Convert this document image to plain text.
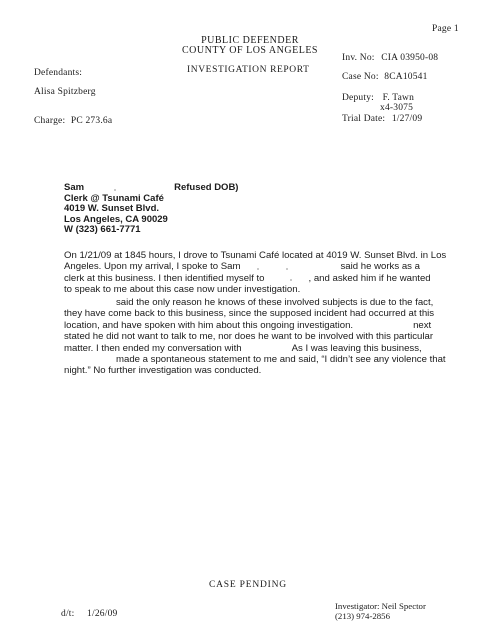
Page 1
PUBLIC DEFENDER
COUNTY OF LOS ANGELES
INVESTIGATION REPORT
Defendants:
Alisa Spitzberg
Charge: PC 273.6a
Inv. No: CIA 03950-08
Case No: 8CA10541
Deputy: F. Tawn
x4-3075
Trial Date: 1/27/09
Sam	Refused DOB)
Clerk @ Tsunami Café
4019 W. Sunset Blvd.
Los Angeles, CA 90029
W (323) 661-7771
On 1/21/09 at 1845 hours, I drove to Tsunami Café located at 4019 W. Sunset Blvd. in Los
Angeles. Upon my arrival, I spoke to Sam	said he works as a
clerk at this business. I then identified myself to	, and asked him if he wanted
to speak to me about this case now under investigation.
said the only reason he knows of these involved subjects is due to the fact,
they have come back to this business, since the supposed incident had occurred at this
location, and have spoken with him about this ongoing investigation.	next
stated he did not want to talk to me, nor does he want to be involved with this particular
matter. I then ended my conversation with	As I was leaving this business,
made a spontaneous statement to me and said, “I didn’t see any violence that
night.” No further investigation was conducted.
CASE PENDING
d/t: 1/26/09
Investigator: Neil Spector
(213) 974-2856
